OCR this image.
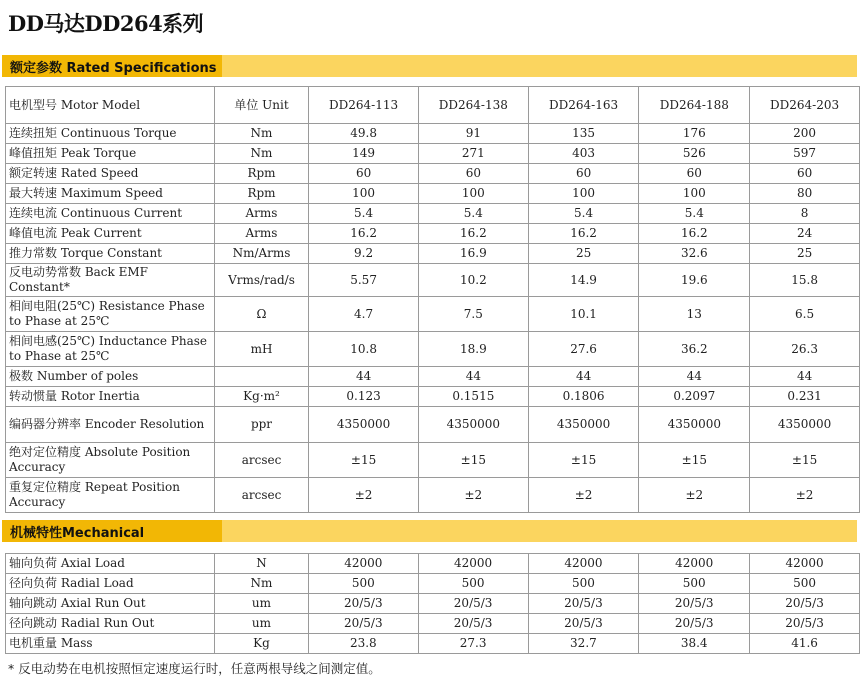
DD马达DD264系列
额定参数 Rated Specifications
电机型号 Motor Model	单位 Unit	DD264-113	DD264-138	DD264-163	DD264-188	DD264-203
连续扭矩 Continuous Torque	Nm	49.8	91	135	176	200
峰值扭矩 Peak Torque	Nm	149	271	403	526	597
额定转速 Rated Speed	Rpm	60	60	60	60	60
最大转速 Maximum Speed	Rpm	100	100	100	100	80
连续电流 Continuous Current	Arms	5.4	5.4	5.4	5.4	8
峰值电流 Peak Current	Arms	16.2	16.2	16.2	16.2	24
推力常数 Torque Constant	Nm/Arms	9.2	16.9	25	32.6	25
反电动势常数 Back EMF Constant*	Vrms/rad/s	5.57	10.2	14.9	19.6	15.8
相间电阻(25℃) Resistance Phase to Phase at 25℃	Ω	4.7	7.5	10.1	13	6.5
相间电感(25℃) Inductance Phase to Phase at 25℃	mH	10.8	18.9	27.6	36.2	26.3
极数 Number of poles		44	44	44	44	44
转动惯量 Rotor Inertia	Kg·m²	0.123	0.1515	0.1806	0.2097	0.231
编码器分辨率 Encoder Resolution	ppr	4350000	4350000	4350000	4350000	4350000
绝对定位精度 Absolute Position Accuracy	arcsec	±15	±15	±15	±15	±15
重复定位精度 Repeat Position Accuracy	arcsec	±2	±2	±2	±2	±2
机械特性Mechanical
轴向负荷 Axial Load	N	42000	42000	42000	42000	42000
径向负荷 Radial Load	Nm	500	500	500	500	500
轴向跳动 Axial Run Out	um	20/5/3	20/5/3	20/5/3	20/5/3	20/5/3
径向跳动 Radial Run Out	um	20/5/3	20/5/3	20/5/3	20/5/3	20/5/3
电机重量 Mass	Kg	23.8	27.3	32.7	38.4	41.6
* 反电动势在电机按照恒定速度运行时，任意两根导线之间测定值。
